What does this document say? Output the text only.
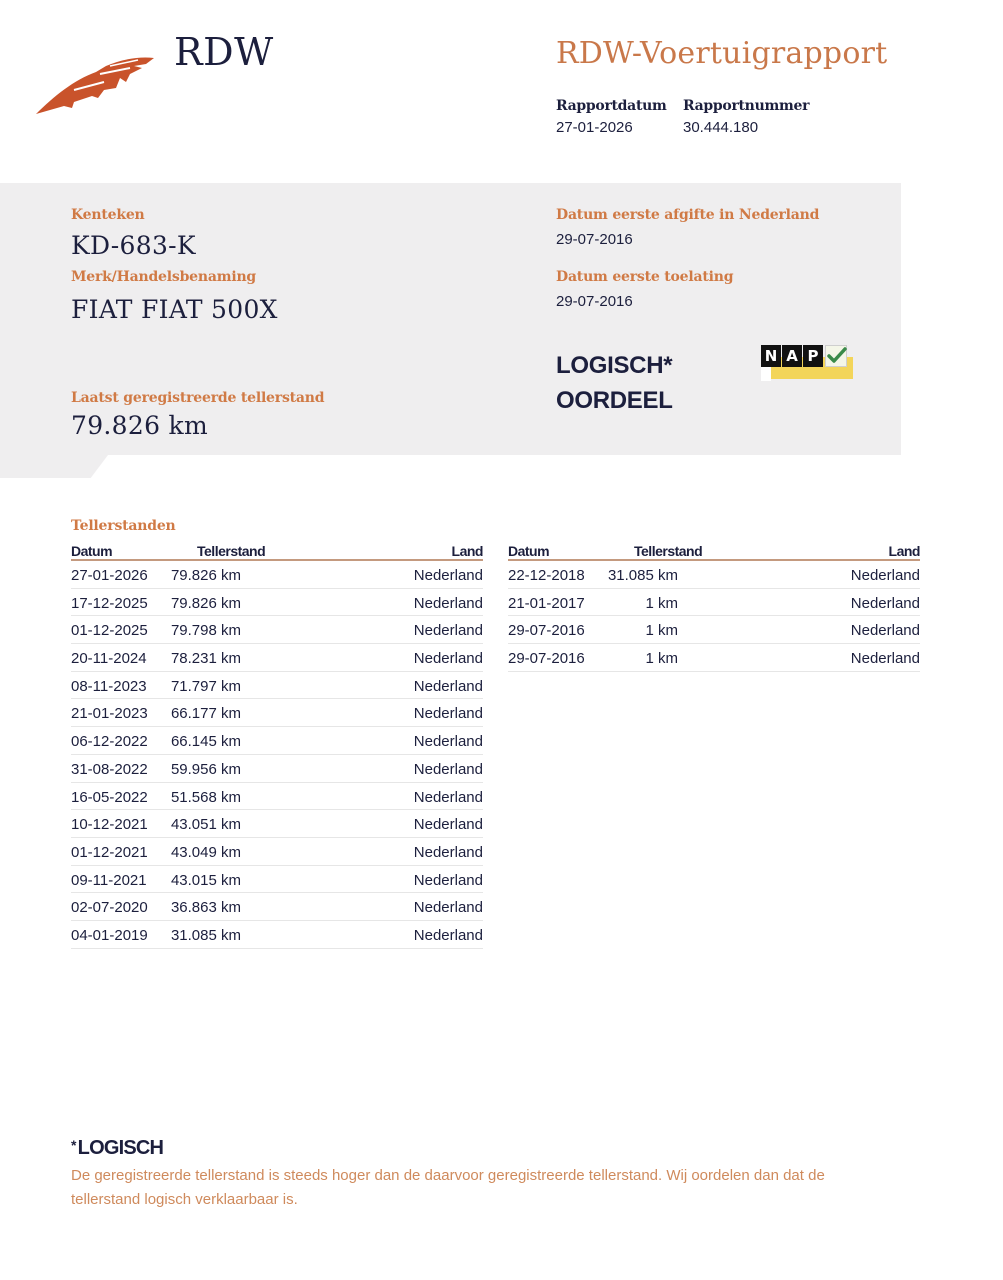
RDW	RDW-Voertuigrapport
Rapportdatum
27-01-2026
Rapportnummer
30.444.180
Kenteken
KD-683-K
Merk/Handelsbenaming
FIAT FIAT 500X
Laatst geregistreerde tellerstand
79.826 km
Datum eerste afgifte in Nederland
29-07-2016
Datum eerste toelating
29-07-2016
LOGISCH*
OORDEEL
N A P
Tellerstanden
Datum	Tellerstand	Land
27-01-2026 79.826 km	Nederland
17-12-2025 79.826 km	Nederland
01-12-2025 79.798 km	Nederland
20-11-2024 78.231 km	Nederland
08-11-2023 71.797 km	Nederland
21-01-2023 66.177 km	Nederland
06-12-2022 66.145 km	Nederland
31-08-2022 59.956 km	Nederland
16-05-2022 51.568 km	Nederland
10-12-2021 43.051 km	Nederland
01-12-2021 43.049 km	Nederland
09-11-2021 43.015 km	Nederland
02-07-2020 36.863 km	Nederland
04-01-2019 31.085 km	Nederland
Datum	Tellerstand	Land
22-12-2018 31.085 km	Nederland
21-01-2017	1 km	Nederland
29-07-2016	1 km	Nederland
29-07-2016	1 km	Nederland
* LOGISCH
De geregistreerde tellerstand is steeds hoger dan de daarvoor geregistreerde tellerstand. Wij oordelen dan dat de tellerstand logisch verklaarbaar is.
